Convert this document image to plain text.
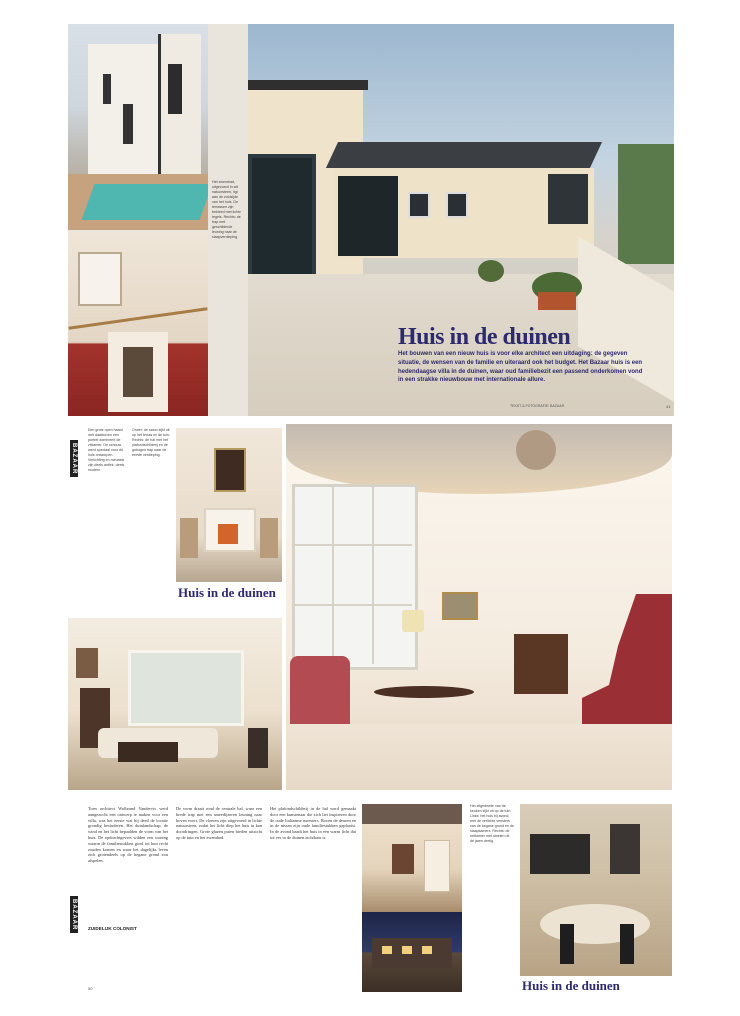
Het zwembad, uitgevoerd in wit natuursteen, ligt aan de zuidzijde van het huis. De terrassen zijn bekleed met lichte tegels. Rechts: de trap met geschilderde leuning naar de slaapverdieping.
Huis in de duinen
Het bouwen van een nieuw huis is voor elke architect een uitdaging: de gegeven situatie, de wensen van de familie en uiteraard ook het budget. Het Bazaar huis is een hedendaagse villa in de duinen, waar oud familiebezit een passend onderkomen vond in een strakke nieuwbouw met internationale allure.
TEKST & FOTOGRAFIE: BAZAAR	41
BAZAAR
Een grote open haard met daarboven een portret domineert de zitkamer. De schouw werd speciaal voor dit huis ontworpen. Verlichting en meubels zijn deels antiek, deels modern.
Onder: de salon kijkt uit op het terras en de tuin. Rechts: de hal met het plafondschilderij en de gebogen trap naar de eerste verdieping.
Huis in de duinen
BAZAAR
Toen architect Wolbrand Vandervis werd aangezocht een ontwerp te maken voor een villa, was het eerste wat hij deed de locatie grondig bestuderen. Het duinlandschap, de wind en het licht bepaalden de vorm van het huis. De opdrachtgevers wilden een woning waarin de familiestukken goed tot hun recht zouden komen en waar het dagelijks leven zich grotendeels op de begane grond zou afspelen.
ZUIDELIJK COLONIST
De vorm draait rond de centrale hal, waar een brede trap met een smeedijzeren leuning naar boven voert. De vloeren zijn uitgevoerd in lichte natuursteen, zodat het licht diep het huis in kan doordringen. Grote glazen puien bieden uitzicht op de tuin en het zwembad.
Het plafondschilderij in de hal werd gemaakt door een kunstenaar die zich liet inspireren door de oude Italiaanse meesters. Boven de deuren en in de nissen zijn oude familiestukken geplaatst. In de avond baadt het huis in een warm licht dat tot ver in de duinen zichtbaar is.
50
Het zitgedeelte van de keuken kijkt uit op de tuin. Links: het huis bij avond, met de verlichte vensters van de begane grond en de slaapkamers. Rechts: de eetkamer met stoelen uit de jaren dertig.
Huis in de duinen
